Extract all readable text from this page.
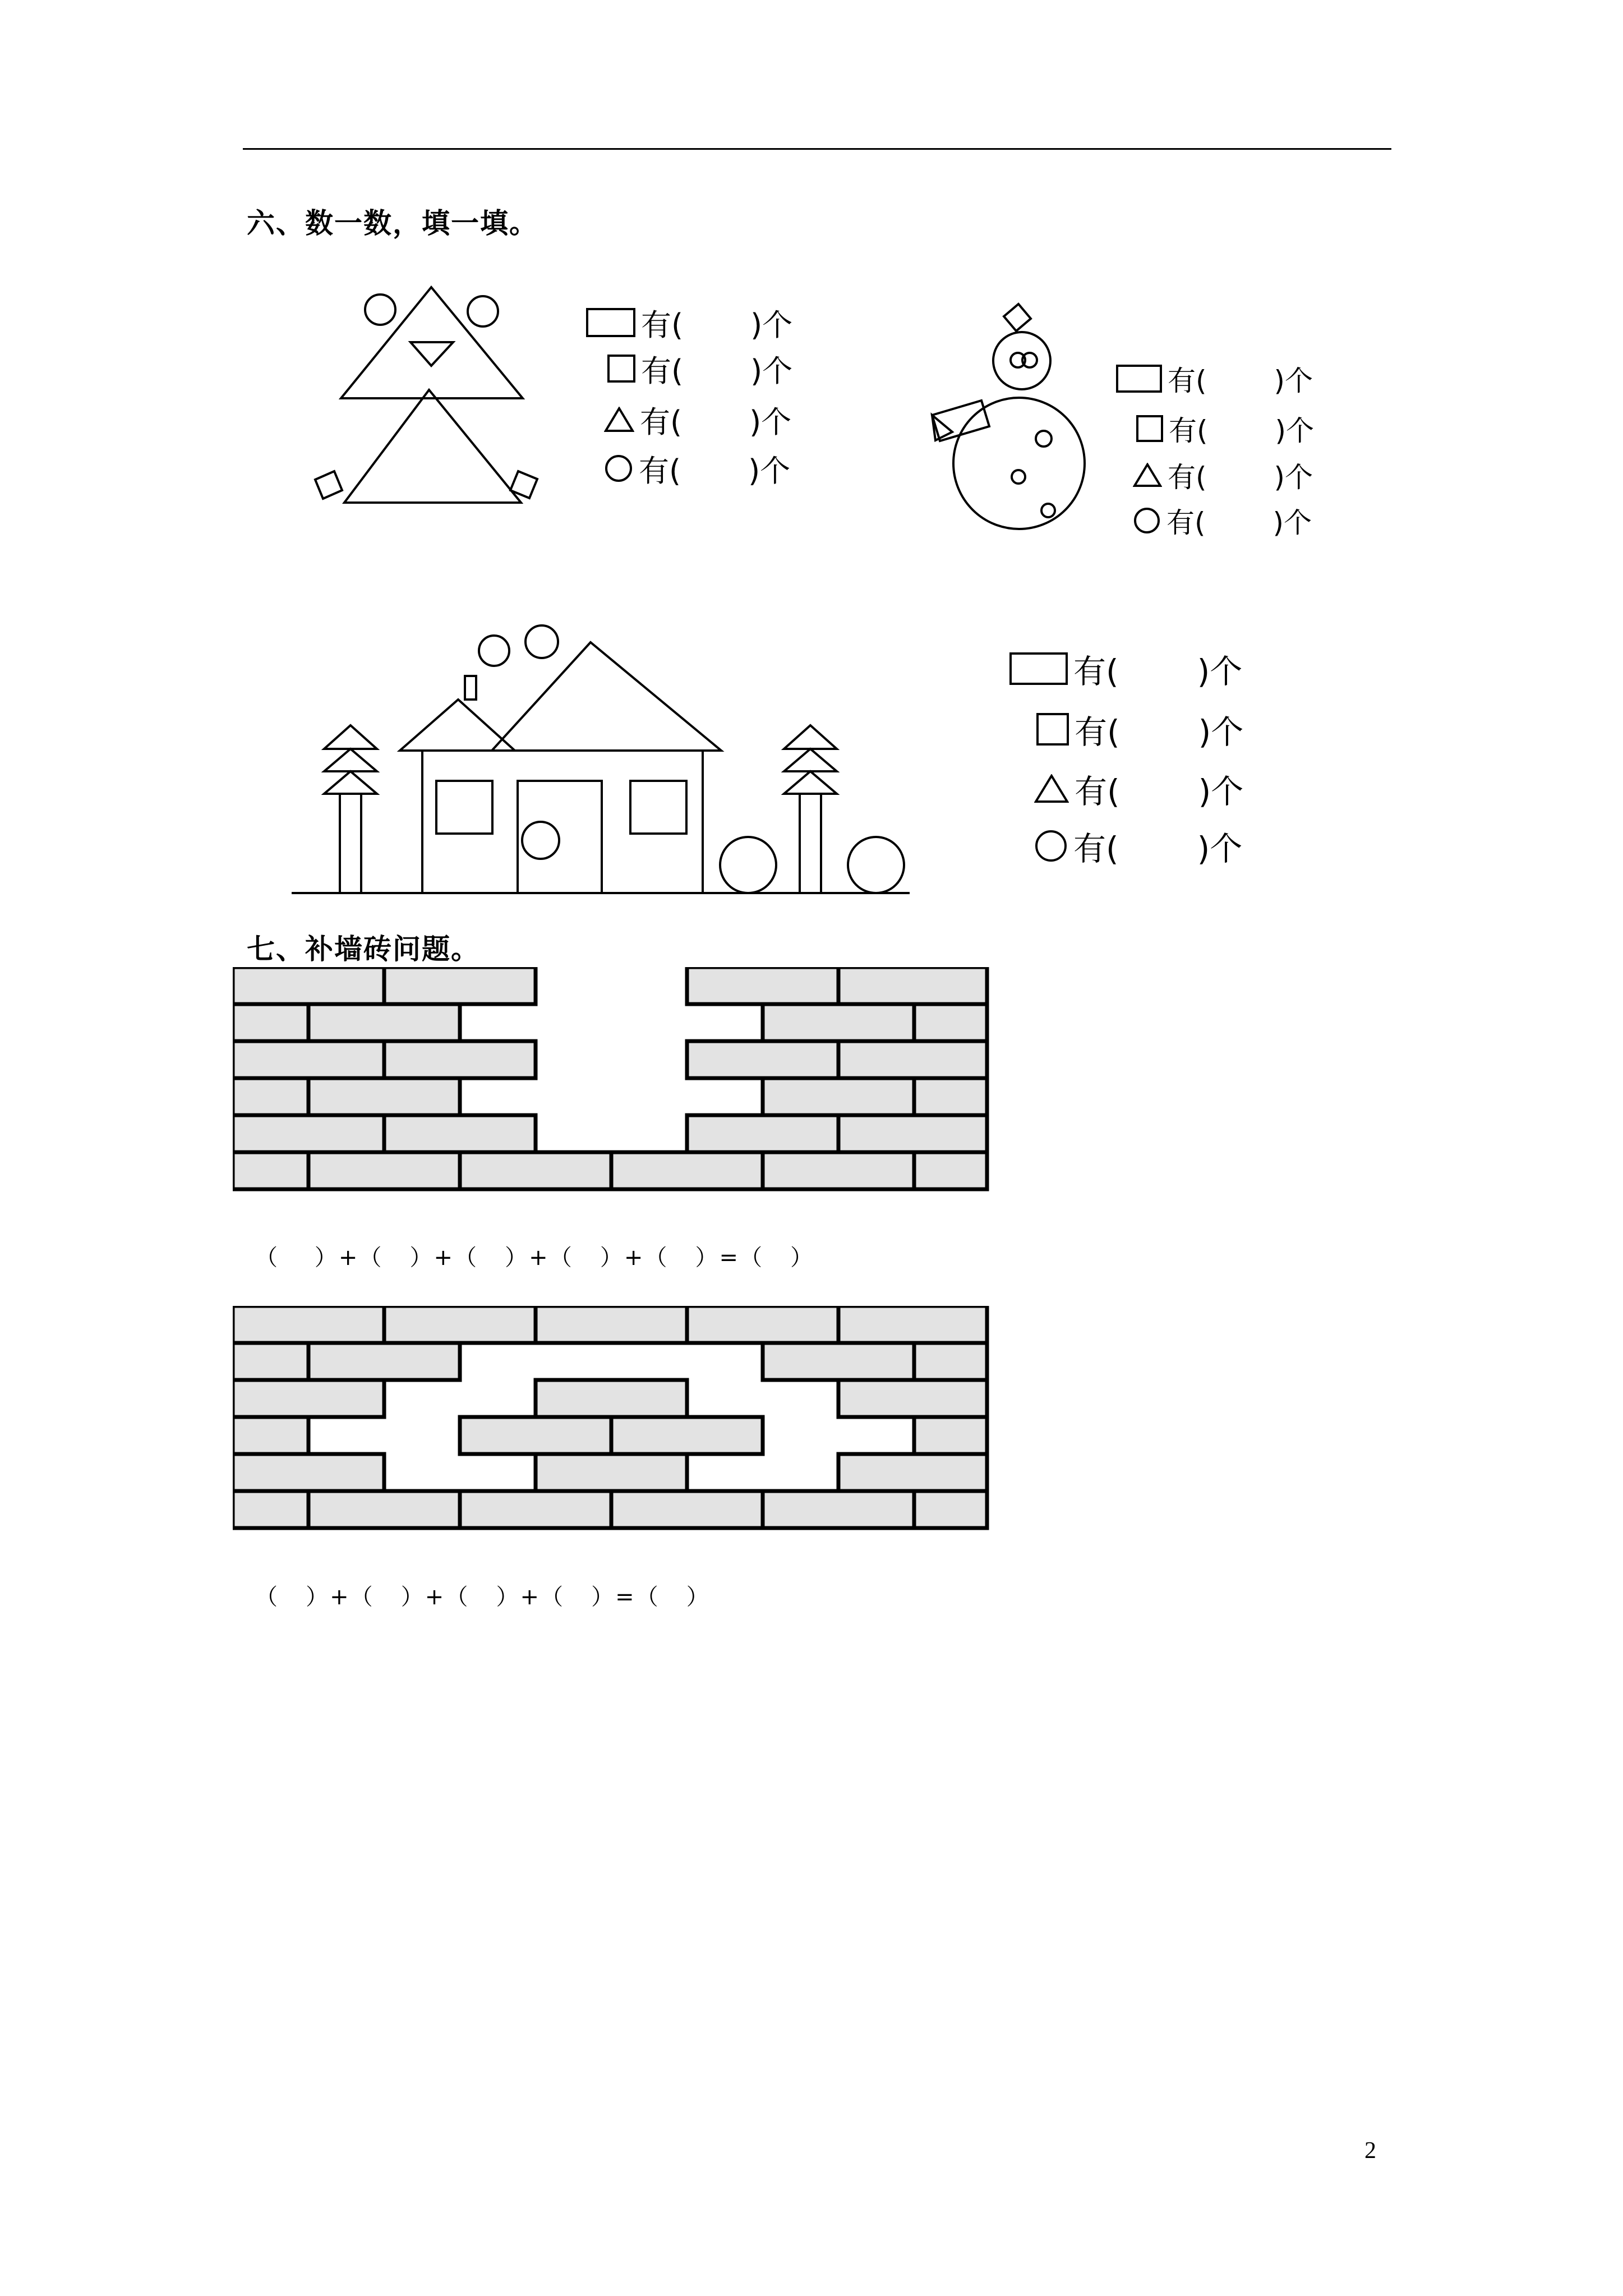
六、数一数，填一填。
有( )个
有( )个
有( )个
有( )个
有( )个
有( )个
有( )个
有( )个
有( )个
有( )个
有( )个
有( )个
七、补墙砖问题。
（    ）+（   ）+（   ）+（   ）+（   ）=（   ）
（   ）+（   ）+（   ）+（   ）=（   ）
2
